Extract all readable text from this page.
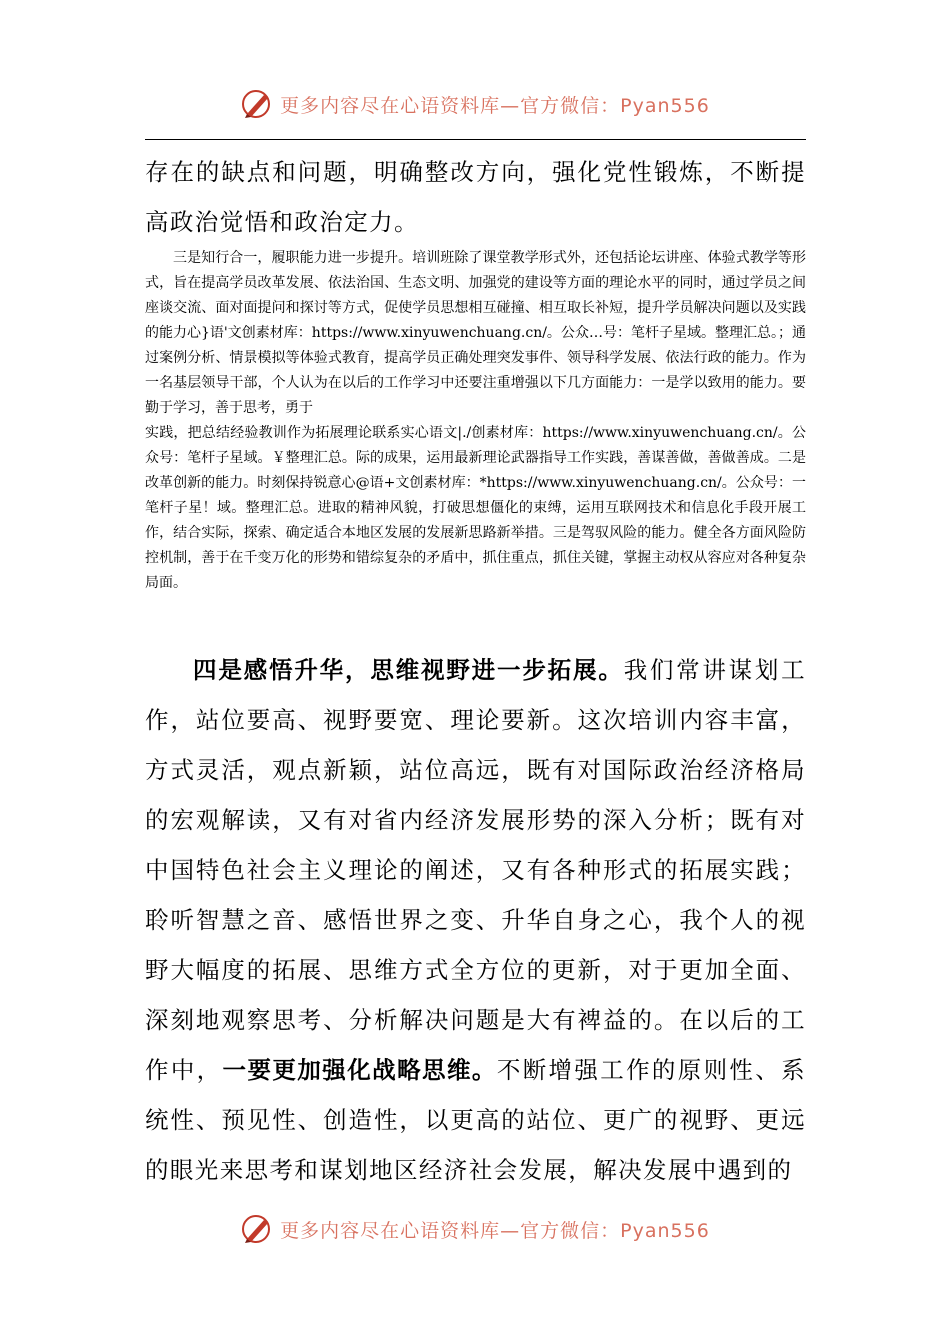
更多内容尽在心语资料库—官方微信：Pyan556

存在的缺点和问题，明确整改方向，强化党性锻炼，不断提高政治觉悟和政治定力。

三是知行合一，履职能力进一步提升。培训班除了课堂教学形式外，还包括论坛讲座、体验式教学等形式，旨在提高学员改革发展、依法治国、生态文明、加强党的建设等方面的理论水平的同时，通过学员之间座谈交流、面对面提问和探讨等方式，促使学员思想相互碰撞、相互取长补短，提升学员解决问题以及实践的能力心}语'文创素材库：https://www.xinyuwenchuang.cn/。公众…号：笔杆子星域。整理汇总。；通过案例分析、情景模拟等体验式教育，提高学员正确处理突发事件、领导科学发展、依法行政的能力。作为一名基层领导干部，个人认为在以后的工作学习中还要注重增强以下几方面能力：一是学以致用的能力。要勤于学习，善于思考，勇于

实践，把总结经验教训作为拓展理论联系实心语文|./创素材库：https://www.xinyuwenchuang.cn/。公众号：笔杆子星域。￥整理汇总。际的成果，运用最新理论武器指导工作实践，善谋善做，善做善成。二是改革创新的能力。时刻保持锐意心@语+文创素材库：*https://www.xinyuwenchuang.cn/。公众号：一笔杆子星！域。整理汇总。进取的精神风貌，打破思想僵化的束缚，运用互联网技术和信息化手段开展工作，结合实际，探索、确定适合本地区发展的发展新思路新举措。三是驾驭风险的能力。健全各方面风险防控机制，善于在千变万化的形势和错综复杂的矛盾中，抓住重点，抓住关键，掌握主动权从容应对各种复杂局面。

四是感悟升华，思维视野进一步拓展。我们常讲谋划工作，站位要高、视野要宽、理论要新。这次培训内容丰富，方式灵活，观点新颖，站位高远，既有对国际政治经济格局的宏观解读，又有对省内经济发展形势的深入分析；既有对中国特色社会主义理论的阐述，又有各种形式的拓展实践；聆听智慧之音、感悟世界之变、升华自身之心，我个人的视野大幅度的拓展、思维方式全方位的更新，对于更加全面、深刻地观察思考、分析解决问题是大有裨益的。在以后的工作中，一要更加强化战略思维。不断增强工作的原则性、系统性、预见性、创造性，以更高的站位、更广的视野、更远的眼光来思考和谋划地区经济社会发展，解决发展中遇到的

更多内容尽在心语资料库—官方微信：Pyan556
